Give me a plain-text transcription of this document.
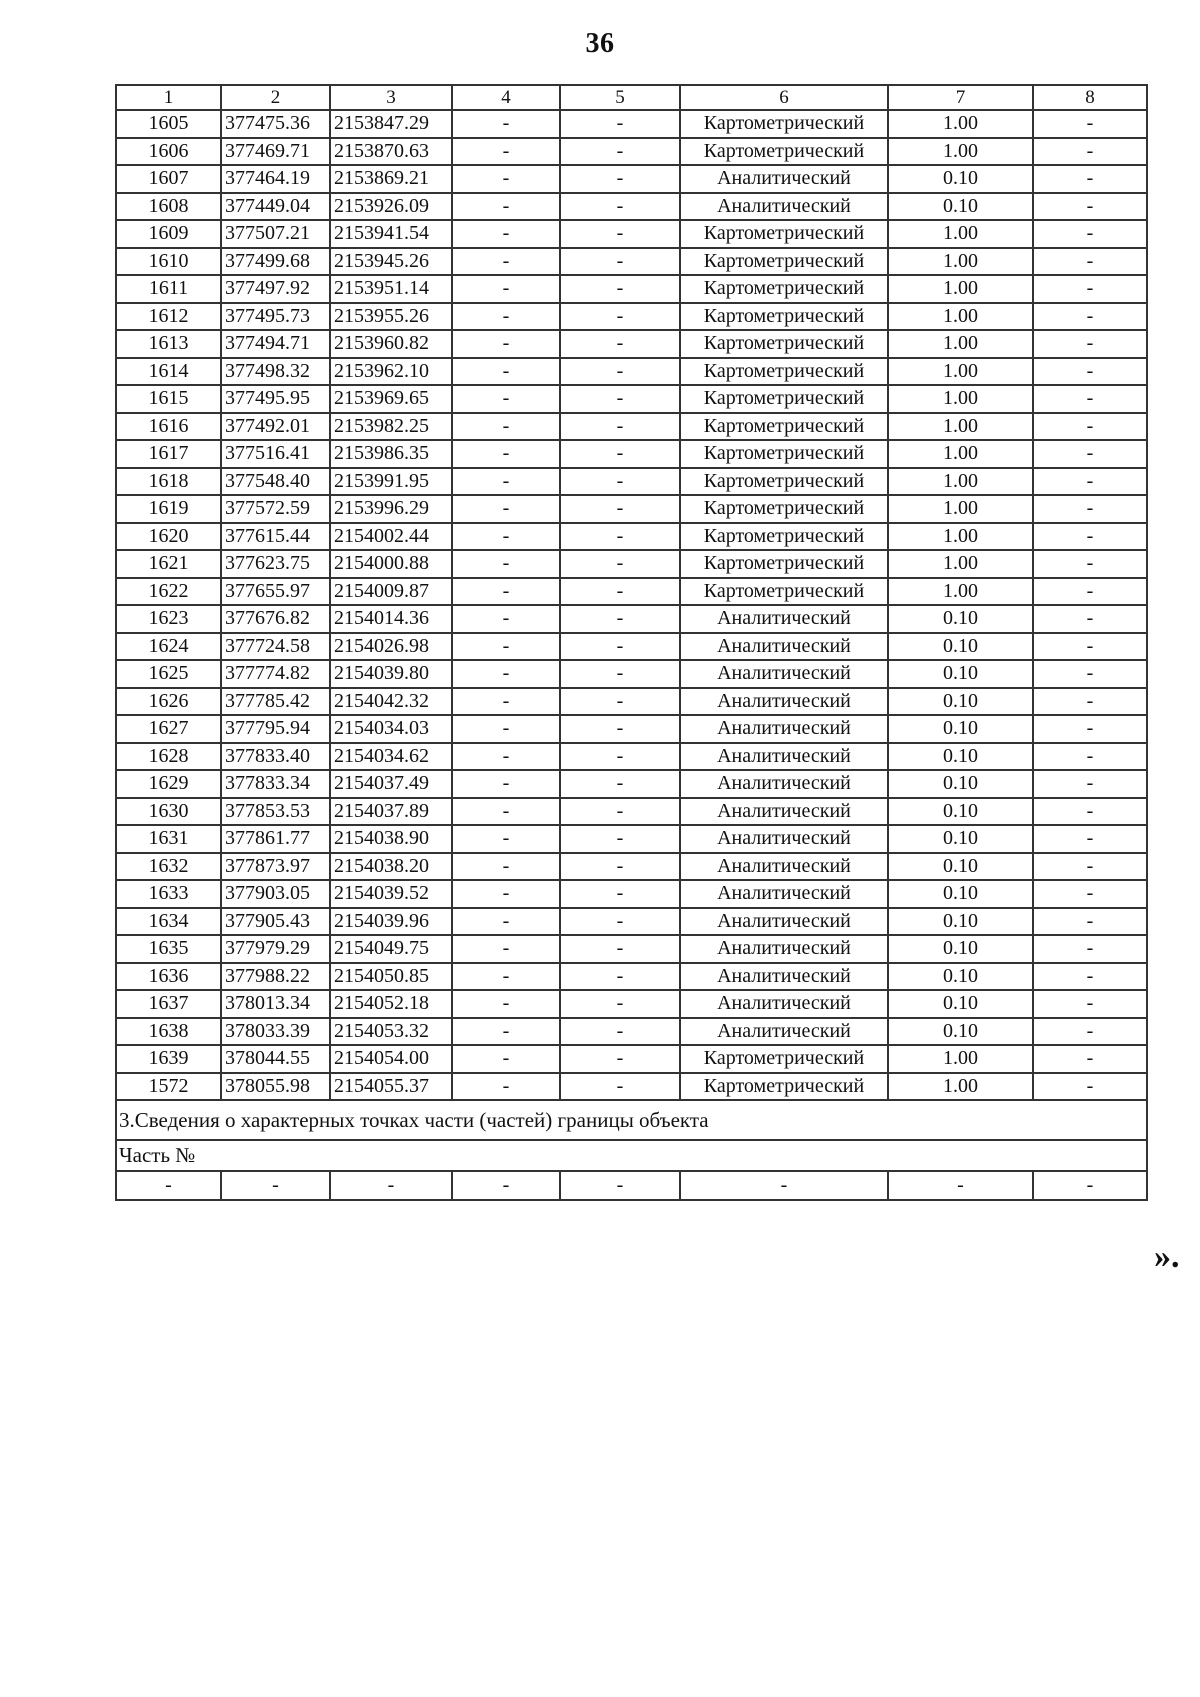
36
1	2	3	4	5	6	7	8
1605	377475.36	2153847.29	-	-	Картометрический	1.00	-
1606	377469.71	2153870.63	-	-	Картометрический	1.00	-
1607	377464.19	2153869.21	-	-	Аналитический	0.10	-
1608	377449.04	2153926.09	-	-	Аналитический	0.10	-
1609	377507.21	2153941.54	-	-	Картометрический	1.00	-
1610	377499.68	2153945.26	-	-	Картометрический	1.00	-
1611	377497.92	2153951.14	-	-	Картометрический	1.00	-
1612	377495.73	2153955.26	-	-	Картометрический	1.00	-
1613	377494.71	2153960.82	-	-	Картометрический	1.00	-
1614	377498.32	2153962.10	-	-	Картометрический	1.00	-
1615	377495.95	2153969.65	-	-	Картометрический	1.00	-
1616	377492.01	2153982.25	-	-	Картометрический	1.00	-
1617	377516.41	2153986.35	-	-	Картометрический	1.00	-
1618	377548.40	2153991.95	-	-	Картометрический	1.00	-
1619	377572.59	2153996.29	-	-	Картометрический	1.00	-
1620	377615.44	2154002.44	-	-	Картометрический	1.00	-
1621	377623.75	2154000.88	-	-	Картометрический	1.00	-
1622	377655.97	2154009.87	-	-	Картометрический	1.00	-
1623	377676.82	2154014.36	-	-	Аналитический	0.10	-
1624	377724.58	2154026.98	-	-	Аналитический	0.10	-
1625	377774.82	2154039.80	-	-	Аналитический	0.10	-
1626	377785.42	2154042.32	-	-	Аналитический	0.10	-
1627	377795.94	2154034.03	-	-	Аналитический	0.10	-
1628	377833.40	2154034.62	-	-	Аналитический	0.10	-
1629	377833.34	2154037.49	-	-	Аналитический	0.10	-
1630	377853.53	2154037.89	-	-	Аналитический	0.10	-
1631	377861.77	2154038.90	-	-	Аналитический	0.10	-
1632	377873.97	2154038.20	-	-	Аналитический	0.10	-
1633	377903.05	2154039.52	-	-	Аналитический	0.10	-
1634	377905.43	2154039.96	-	-	Аналитический	0.10	-
1635	377979.29	2154049.75	-	-	Аналитический	0.10	-
1636	377988.22	2154050.85	-	-	Аналитический	0.10	-
1637	378013.34	2154052.18	-	-	Аналитический	0.10	-
1638	378033.39	2154053.32	-	-	Аналитический	0.10	-
1639	378044.55	2154054.00	-	-	Картометрический	1.00	-
1572	378055.98	2154055.37	-	-	Картометрический	1.00	-
3.Сведения о характерных точках части (частей) границы объекта							
Часть №							
-	-	-	-	-	-	-	-
».
